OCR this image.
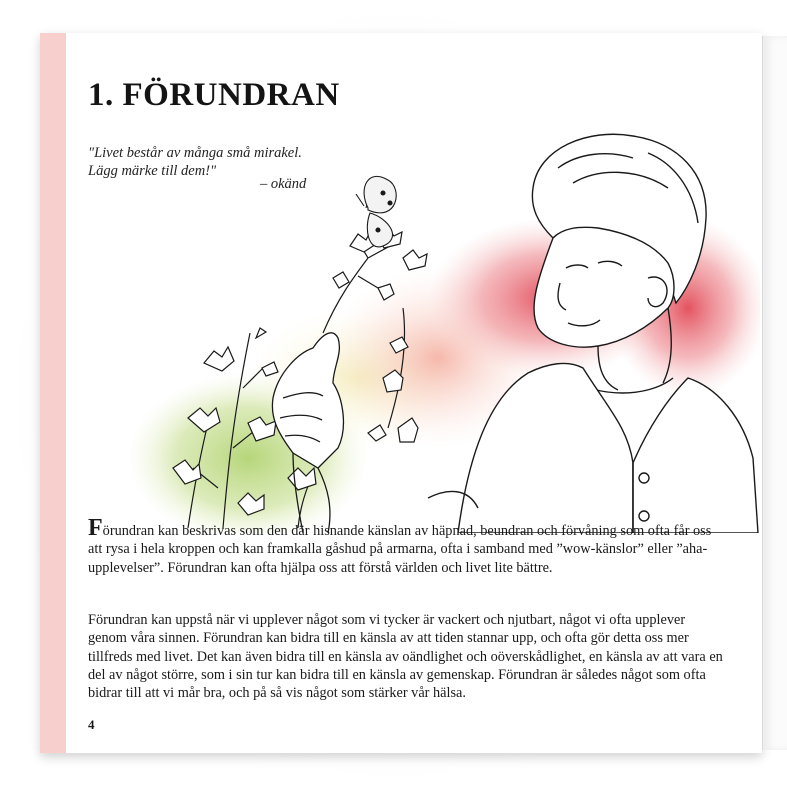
1. FÖRUNDRAN
"Livet består av många små mirakel.
Lägg märke till dem!"
– okänd

Förundran kan beskrivas som den där hisnande känslan av häpnad, beundran och förvåning som ofta får oss att rysa i hela kroppen och kan framkalla gåshud på armarna, ofta i samband med ”wow-känslor” eller ”aha-upplevelser”. Förundran kan ofta hjälpa oss att förstå världen och livet lite bättre.

Förundran kan uppstå när vi upplever något som vi tycker är vackert och njutbart, något vi ofta upplever genom våra sinnen. Förundran kan bidra till en känsla av att tiden stannar upp, och ofta gör detta oss mer tillfreds med livet. Det kan även bidra till en känsla av oändlighet och oöverskådlighet, en känsla av att vara en del av något större, som i sin tur kan bidra till en känsla av gemenskap. Förundran är således något som ofta bidrar till att vi mår bra, och på så vis något som stärker vår hälsa.

4
